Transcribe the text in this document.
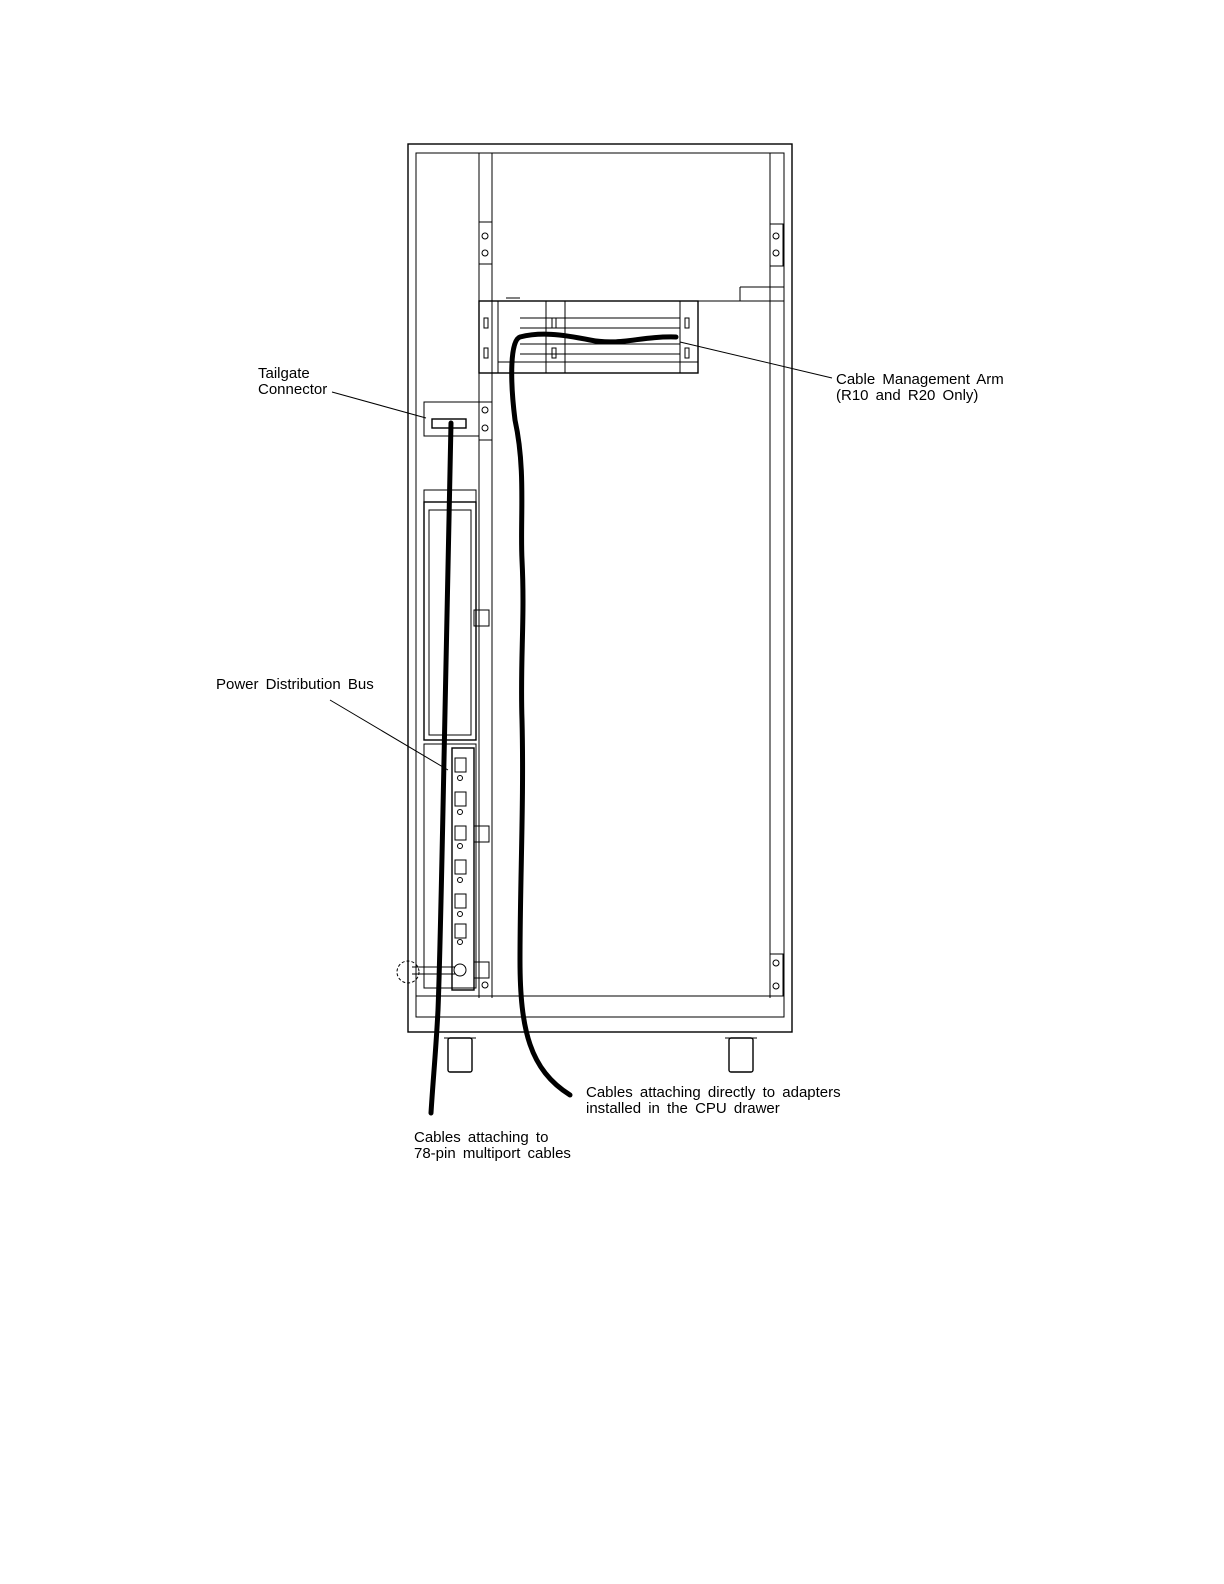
Tailgate
Connector
Cable Management Arm
(R10 and R20 Only)
Power Distribution Bus
Cables attaching directly to adapters
installed in the CPU drawer
Cables attaching to
78-pin multiport cables
